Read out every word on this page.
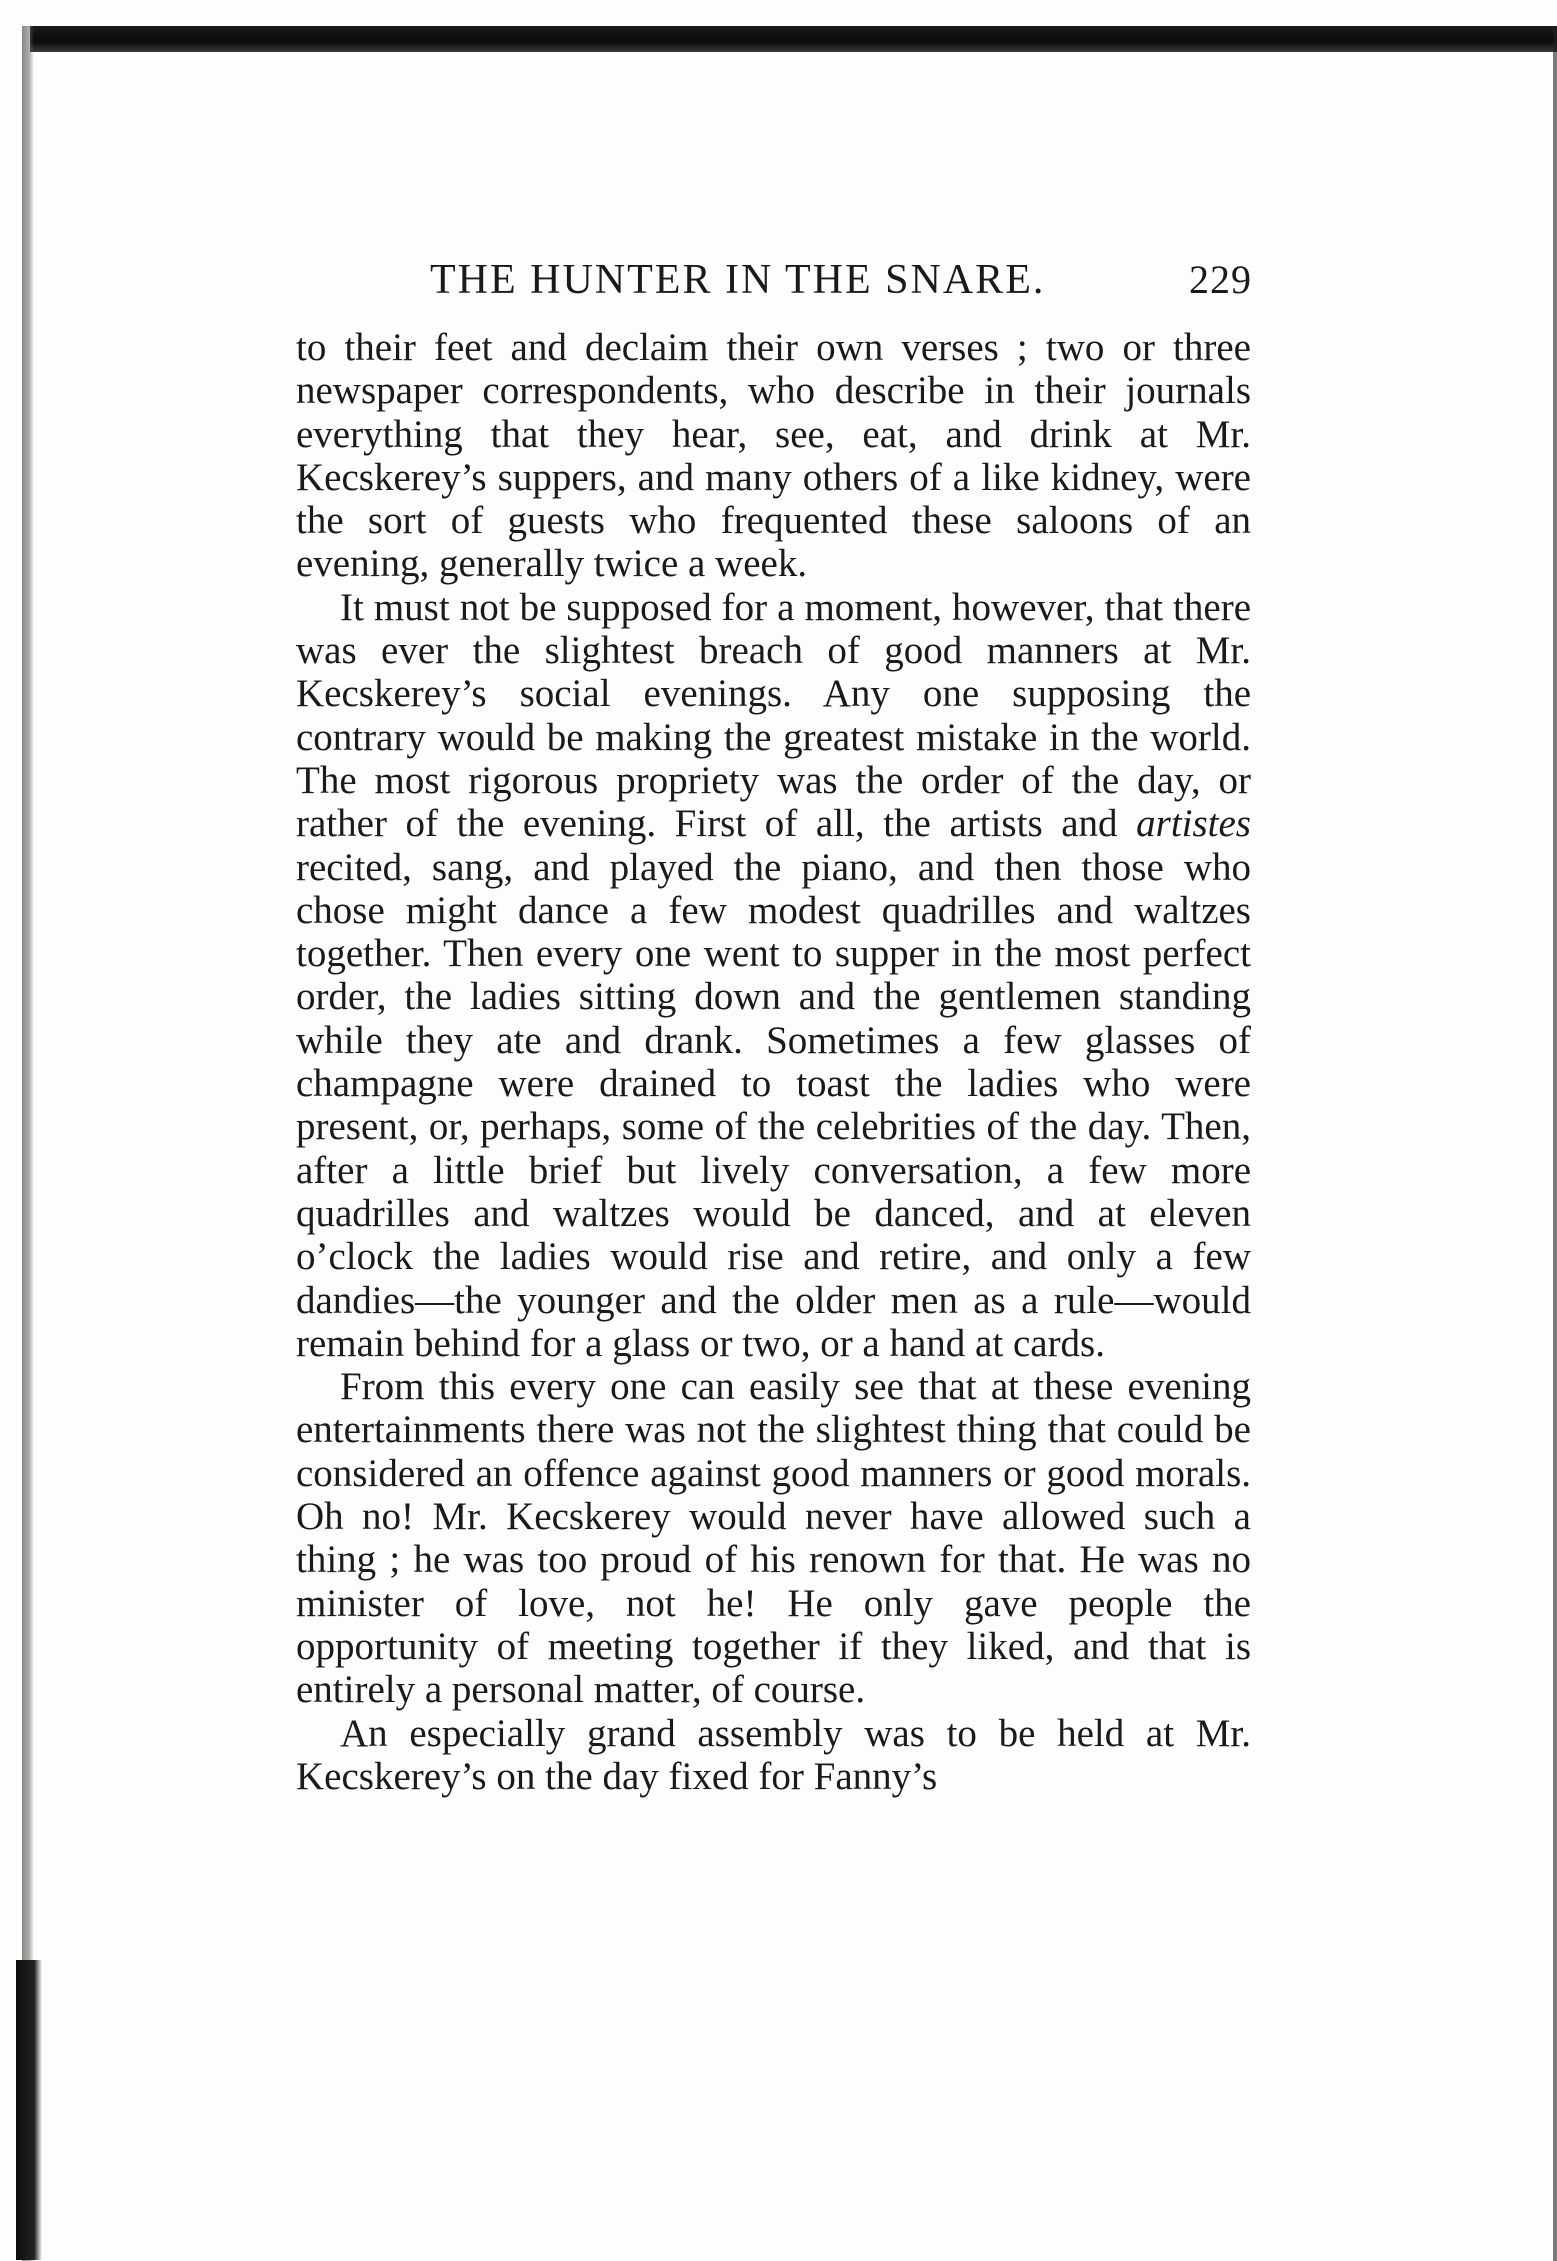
THE HUNTER IN THE SNARE.	229

to their feet and declaim their own verses ; two or three newspaper correspondents, who describe in their journals everything that they hear, see, eat, and drink at Mr. Kecskerey’s suppers, and many others of a like kidney, were the sort of guests who frequented these saloons of an evening, generally twice a week.

It must not be supposed for a moment, however, that there was ever the slightest breach of good manners at Mr. Kecskerey’s social evenings. Any one supposing the contrary would be making the greatest mistake in the world. The most rigorous propriety was the order of the day, or rather of the evening. First of all, the artists and artistes recited, sang, and played the piano, and then those who chose might dance a few modest quadrilles and waltzes together. Then every one went to supper in the most perfect order, the ladies sitting down and the gentlemen standing while they ate and drank. Sometimes a few glasses of champagne were drained to toast the ladies who were present, or, perhaps, some of the celebrities of the day. Then, after a little brief but lively conversation, a few more quadrilles and waltzes would be danced, and at eleven o’clock the ladies would rise and retire, and only a few dandies—the younger and the older men as a rule—would remain behind for a glass or two, or a hand at cards.

From this every one can easily see that at these evening entertainments there was not the slightest thing that could be considered an offence against good manners or good morals. Oh no! Mr. Kecskerey would never have allowed such a thing ; he was too proud of his renown for that. He was no minister of love, not he! He only gave people the opportunity of meeting together if they liked, and that is entirely a personal matter, of course.

An especially grand assembly was to be held at Mr. Kecskerey’s on the day fixed for Fanny’s
